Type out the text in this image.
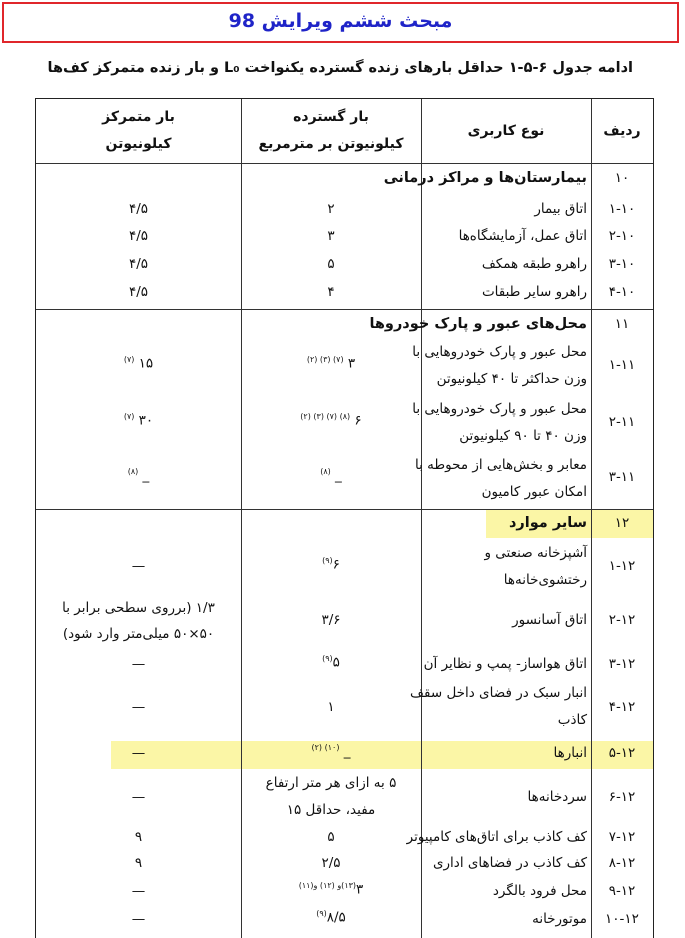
مبحث ششم ویرایش 98
ادامه جدول ۶-۵-۱ حداقل بارهای زنده گسترده یکنواخت L₀ و بار زنده متمرکز کف‌ها
ردیف
نوع کاربری
بار گسترده
کیلونیوتن بر مترمربع
بار متمرکز
کیلونیوتن
۱۰
بیمارستان‌ها و مراکز درمانی
۱-۱۰
اتاق بیمار
۲
۴/۵
۲-۱۰
اتاق عمل، آزمایشگاه‌ها
۳
۴/۵
۳-۱۰
راهرو طبقه همکف
۵
۴/۵
۴-۱۰
راهرو سایر طبقات
۴
۴/۵
۱۱
محل‌های عبور و پارک خودروها
۱-۱۱
محل عبور و پارک خودروهایی با
وزن حداکثر تا ۴۰ کیلونیوتن
۳ $^{(۷) (۳) (۲)}$
۱۵ $^{(۷)}$
۲-۱۱
محل عبور و پارک خودروهایی با
وزن ۴۰ تا ۹۰ کیلونیوتن
۶ $^{(۸) (۷) (۳) (۲)}$
۳۰ $^{(۷)}$
۳-۱۱
معابر و بخش‌هایی از محوطه با
امکان عبور کامیون
_ $^{(۸)}$
_ $^{(۸)}$
۱۲
سایر موارد
۱-۱۲
آشپزخانه صنعتی و
رختشوی‌خانه‌ها
۶$^{(۹)}$
—
۲-۱۲
اتاق آسانسور
۳/۶
۱/۳ (برروی سطحی برابر با
۵۰×۵۰ میلی‌متر وارد شود)
۳-۱۲
اتاق هواساز- پمپ و نظایر آن
۵$^{(۹)}$
—
۴-۱۲
انبار سبک در فضای داخل سقف
کاذب
۱
—
۵-۱۲
انبارها
_ $^{(۱۰) (۲)}$
—
۶-۱۲
سردخانه‌ها
۵ به ازای هر متر ارتفاع
مفید، حداقل ۱۵
—
۷-۱۲
کف کاذب برای اتاق‌های کامپیوتر
۵
۹
۸-۱۲
کف کاذب در فضاهای اداری
۲/۵
۹
۹-۱۲
محل فرود بالگرد
$۳^{(۱۳)و (۱۲) و(۱۱)}$
—
۱۰-۱۲
موتورخانه
۸/۵$^{(۹)}$
—
